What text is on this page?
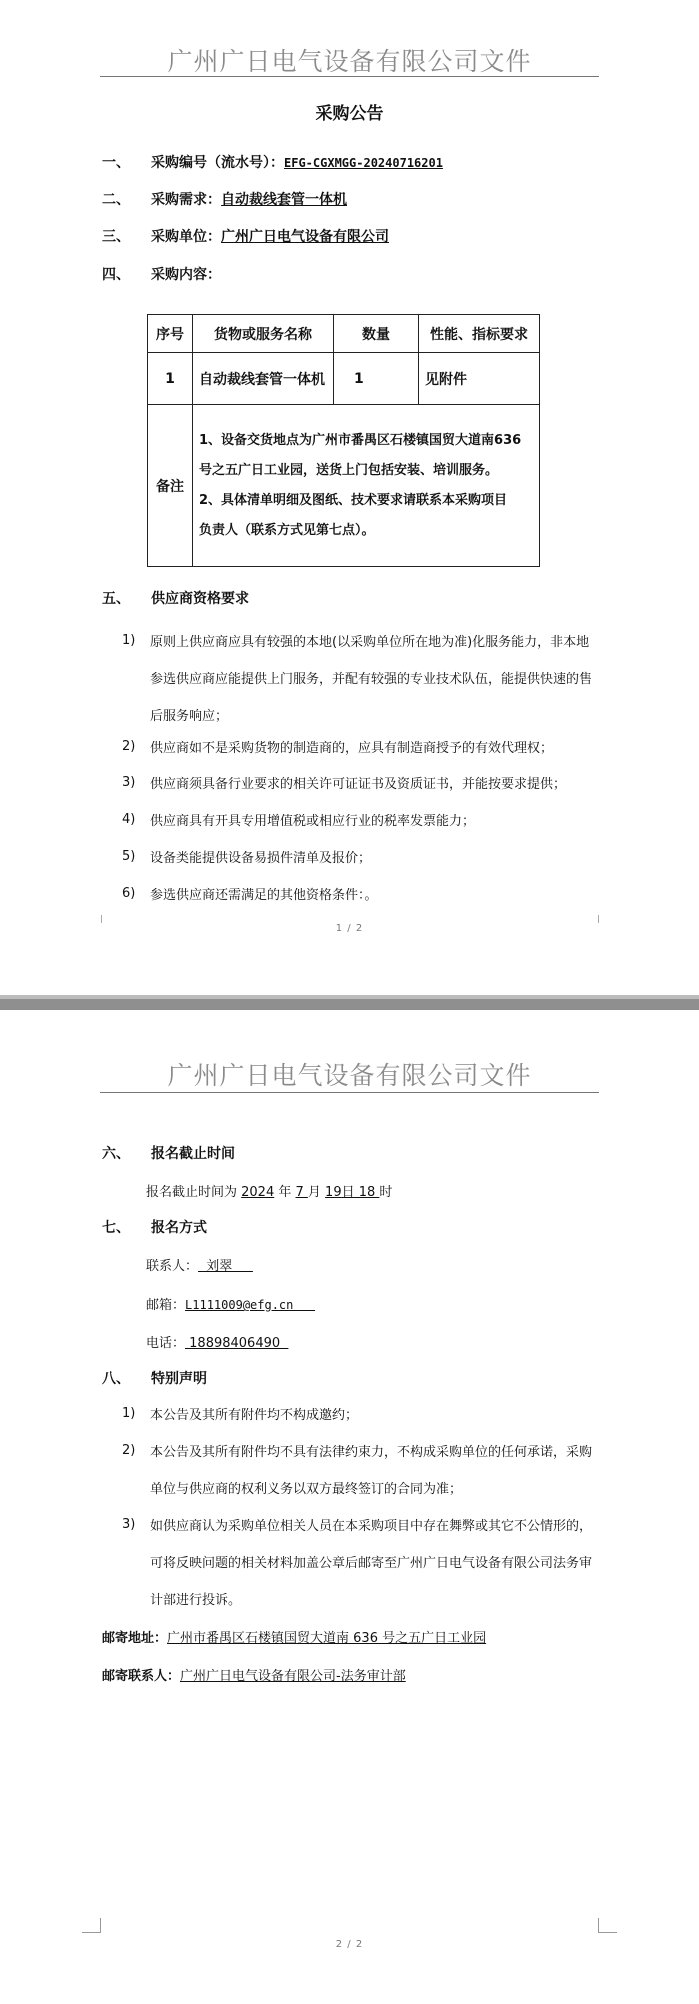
广州广日电气设备有限公司文件
采购公告
一、 采购编号（流水号）：EFG-CGXMGG-20240716201
二、 采购需求：自动裁线套管一体机
三、 采购单位：广州广日电气设备有限公司
四、 采购内容：
序号	货物或服务名称	数量	性能、指标要求
1	自动裁线套管一体机	1	见附件
备注	1、设备交货地点为广州市番禺区石楼镇国贸大道南636
号之五广日工业园，送货上门包括安装、培训服务。
2、具体清单明细及图纸、技术要求请联系本采购项目
负责人（联系方式见第七点）。		
五、 供应商资格要求
1) 原则上供应商应具有较强的本地(以采购单位所在地为准)化服务能力，非本地参选供应商应能提供上门服务，并配有较强的专业技术队伍，能提供快速的售后服务响应；
2) 供应商如不是采购货物的制造商的，应具有制造商授予的有效代理权；
3) 供应商须具备行业要求的相关许可证证书及资质证书，并能按要求提供；
4) 供应商具有开具专用增值税或相应行业的税率发票能力；
5) 设备类能提供设备易损件清单及报价；
6) 参选供应商还需满足的其他资格条件：。
1 / 2
广州广日电气设备有限公司文件
六、 报名截止时间
报名截止时间为 2024 年 7 月 19日 18 时
七、 报名方式
联系人：  刘翠
邮箱：L1111009@efg.cn
电话： 18898406490
八、 特别声明
1) 本公告及其所有附件均不构成邀约；
2) 本公告及其所有附件均不具有法律约束力，不构成采购单位的任何承诺，采购单位与供应商的权利义务以双方最终签订的合同为准；
3) 如供应商认为采购单位相关人员在本采购项目中存在舞弊或其它不公情形的，可将反映问题的相关材料加盖公章后邮寄至广州广日电气设备有限公司法务审计部进行投诉。
邮寄地址：广州市番禺区石楼镇国贸大道南 636 号之五广日工业园
邮寄联系人：广州广日电气设备有限公司-法务审计部
2 / 2
